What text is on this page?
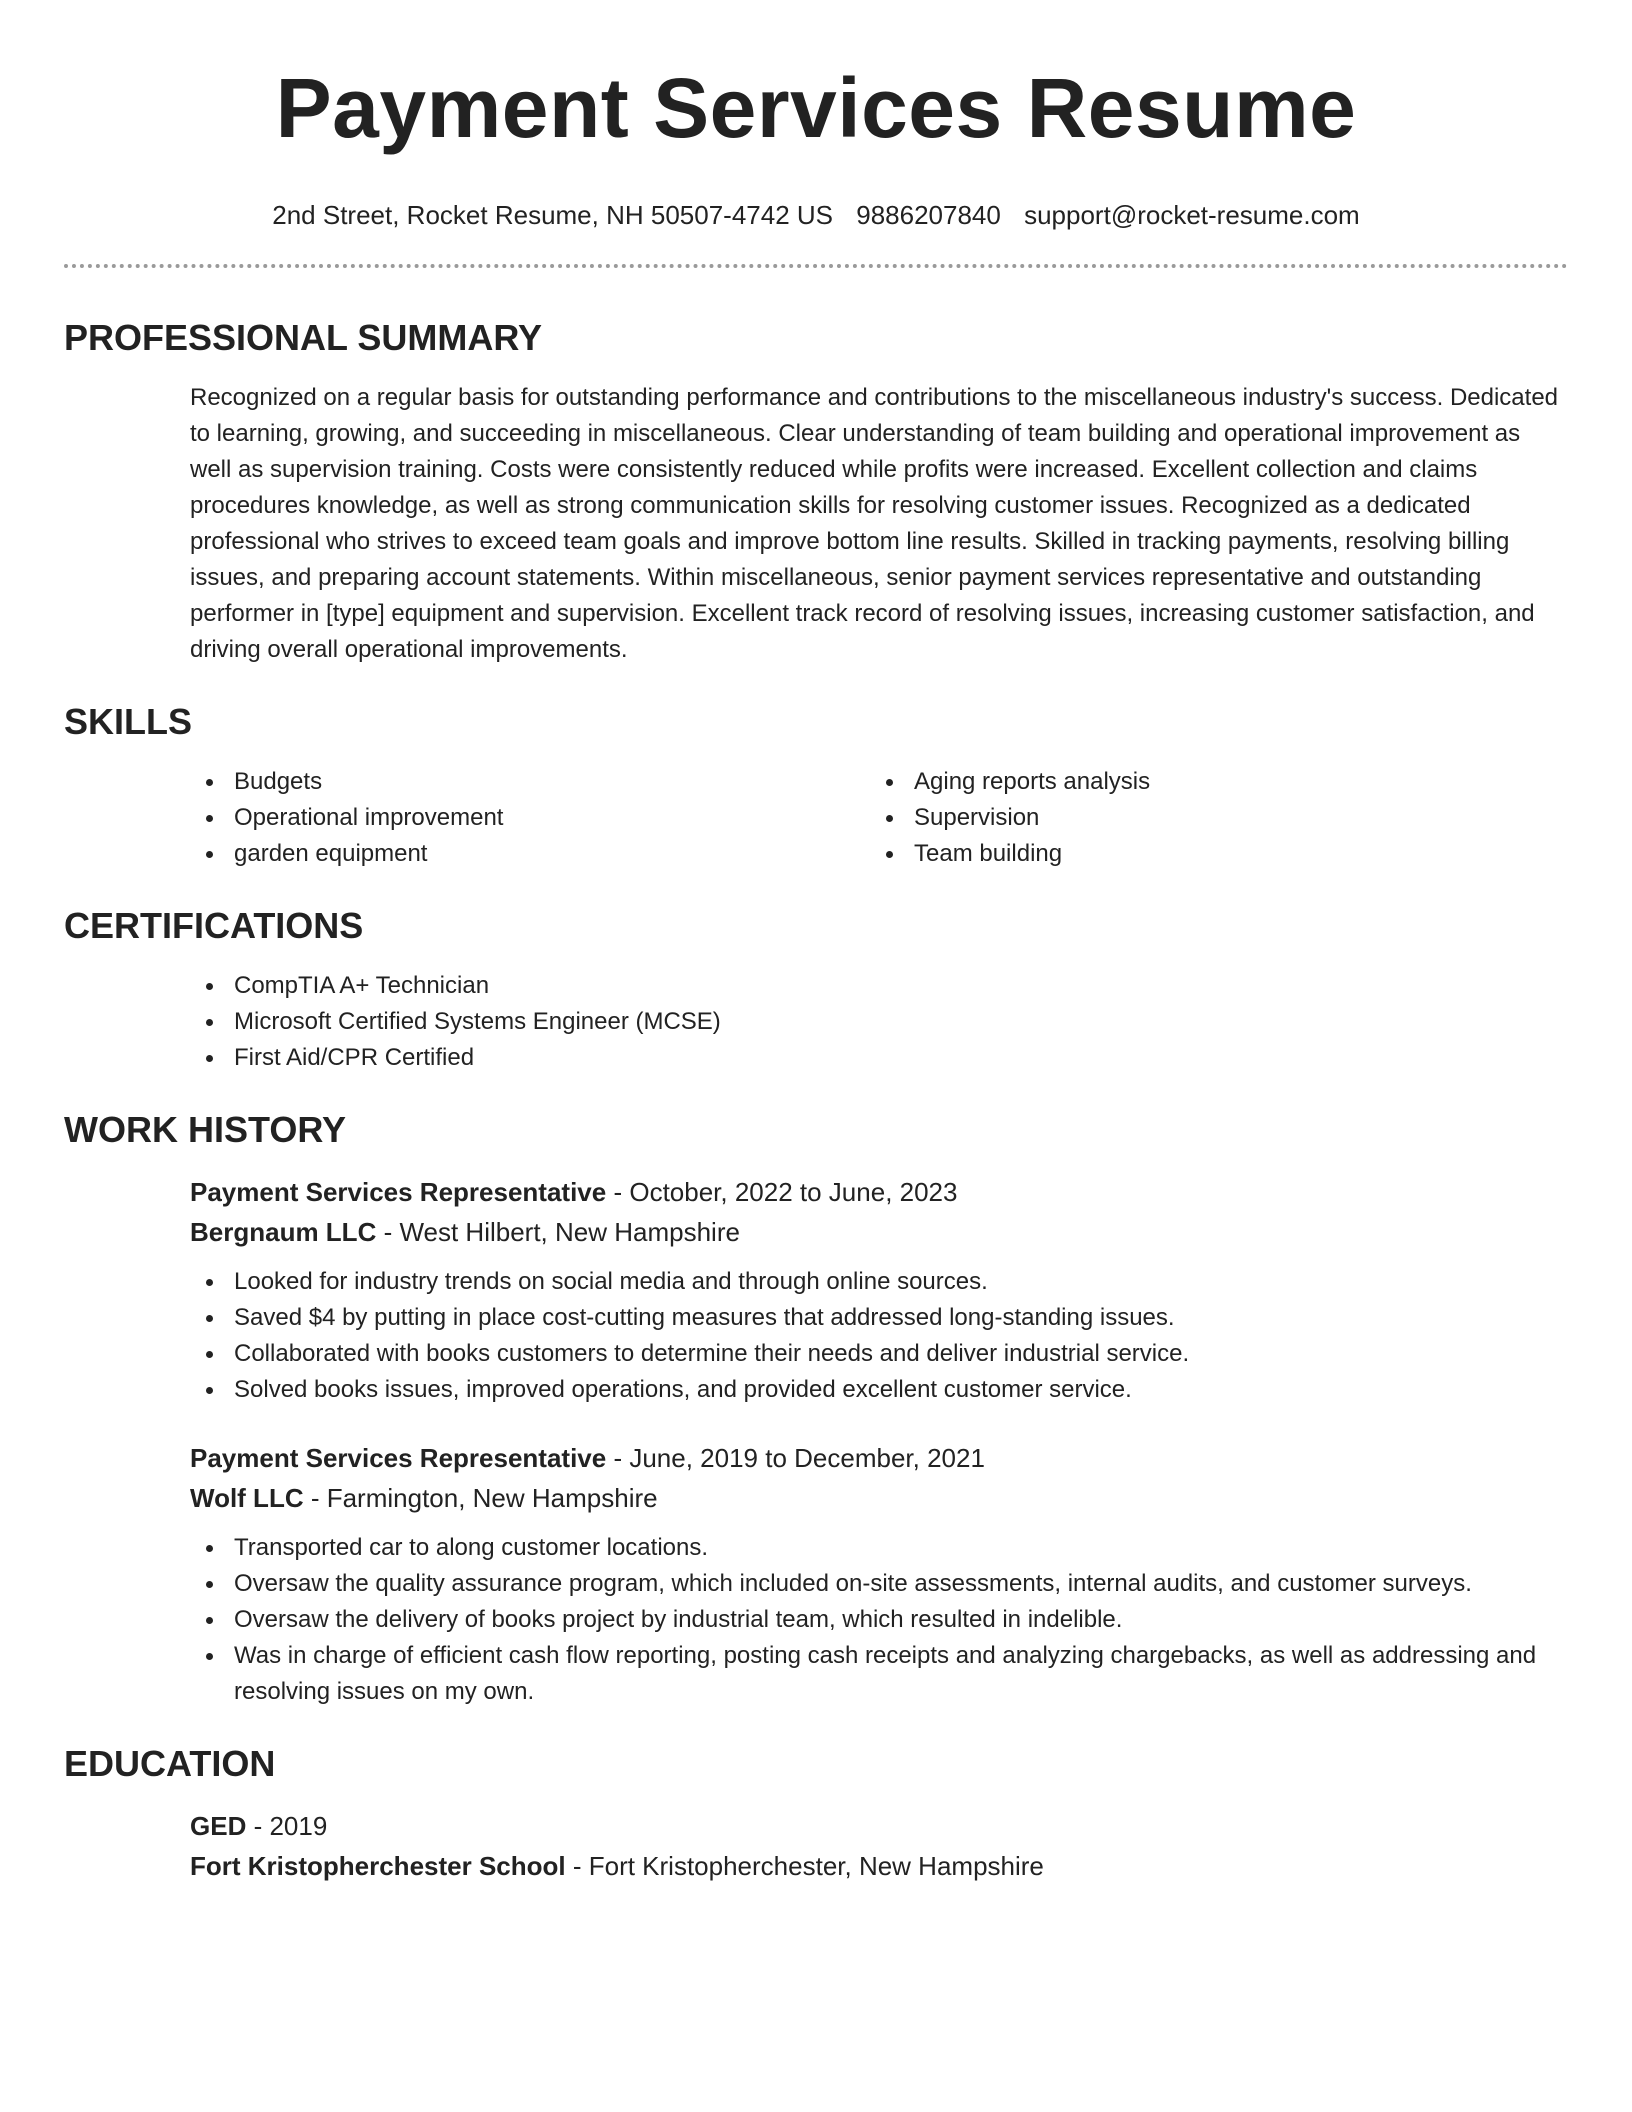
Payment Services Resume
2nd Street, Rocket Resume, NH 50507-4742 US 9886207840 support@rocket-resume.com
PROFESSIONAL SUMMARY

Recognized on a regular basis for outstanding performance and contributions to the miscellaneous industry's success. Dedicated to learning, growing, and succeeding in miscellaneous. Clear understanding of team building and operational improvement as well as supervision training. Costs were consistently reduced while profits were increased. Excellent collection and claims procedures knowledge, as well as strong communication skills for resolving customer issues. Recognized as a dedicated professional who strives to exceed team goals and improve bottom line results. Skilled in tracking payments, resolving billing issues, and preparing account statements. Within miscellaneous, senior payment services representative and outstanding performer in [type] equipment and supervision. Excellent track record of resolving issues, increasing customer satisfaction, and driving overall operational improvements.

SKILLS
Budgets
Operational improvement
garden equipment
Aging reports analysis
Supervision
Team building
CERTIFICATIONS
CompTIA A+ Technician
Microsoft Certified Systems Engineer (MCSE)
First Aid/CPR Certified
WORK HISTORY
Payment Services Representative - October, 2022 to June, 2023
Bergnaum LLC - West Hilbert, New Hampshire
Looked for industry trends on social media and through online sources.
Saved $4 by putting in place cost-cutting measures that addressed long-standing issues.
Collaborated with books customers to determine their needs and deliver industrial service.
Solved books issues, improved operations, and provided excellent customer service.
Payment Services Representative - June, 2019 to December, 2021
Wolf LLC - Farmington, New Hampshire
Transported car to along customer locations.
Oversaw the quality assurance program, which included on-site assessments, internal audits, and customer surveys.
Oversaw the delivery of books project by industrial team, which resulted in indelible.
Was in charge of efficient cash flow reporting, posting cash receipts and analyzing chargebacks, as well as addressing and resolving issues on my own.
EDUCATION
GED - 2019
Fort Kristopherchester School - Fort Kristopherchester, New Hampshire
